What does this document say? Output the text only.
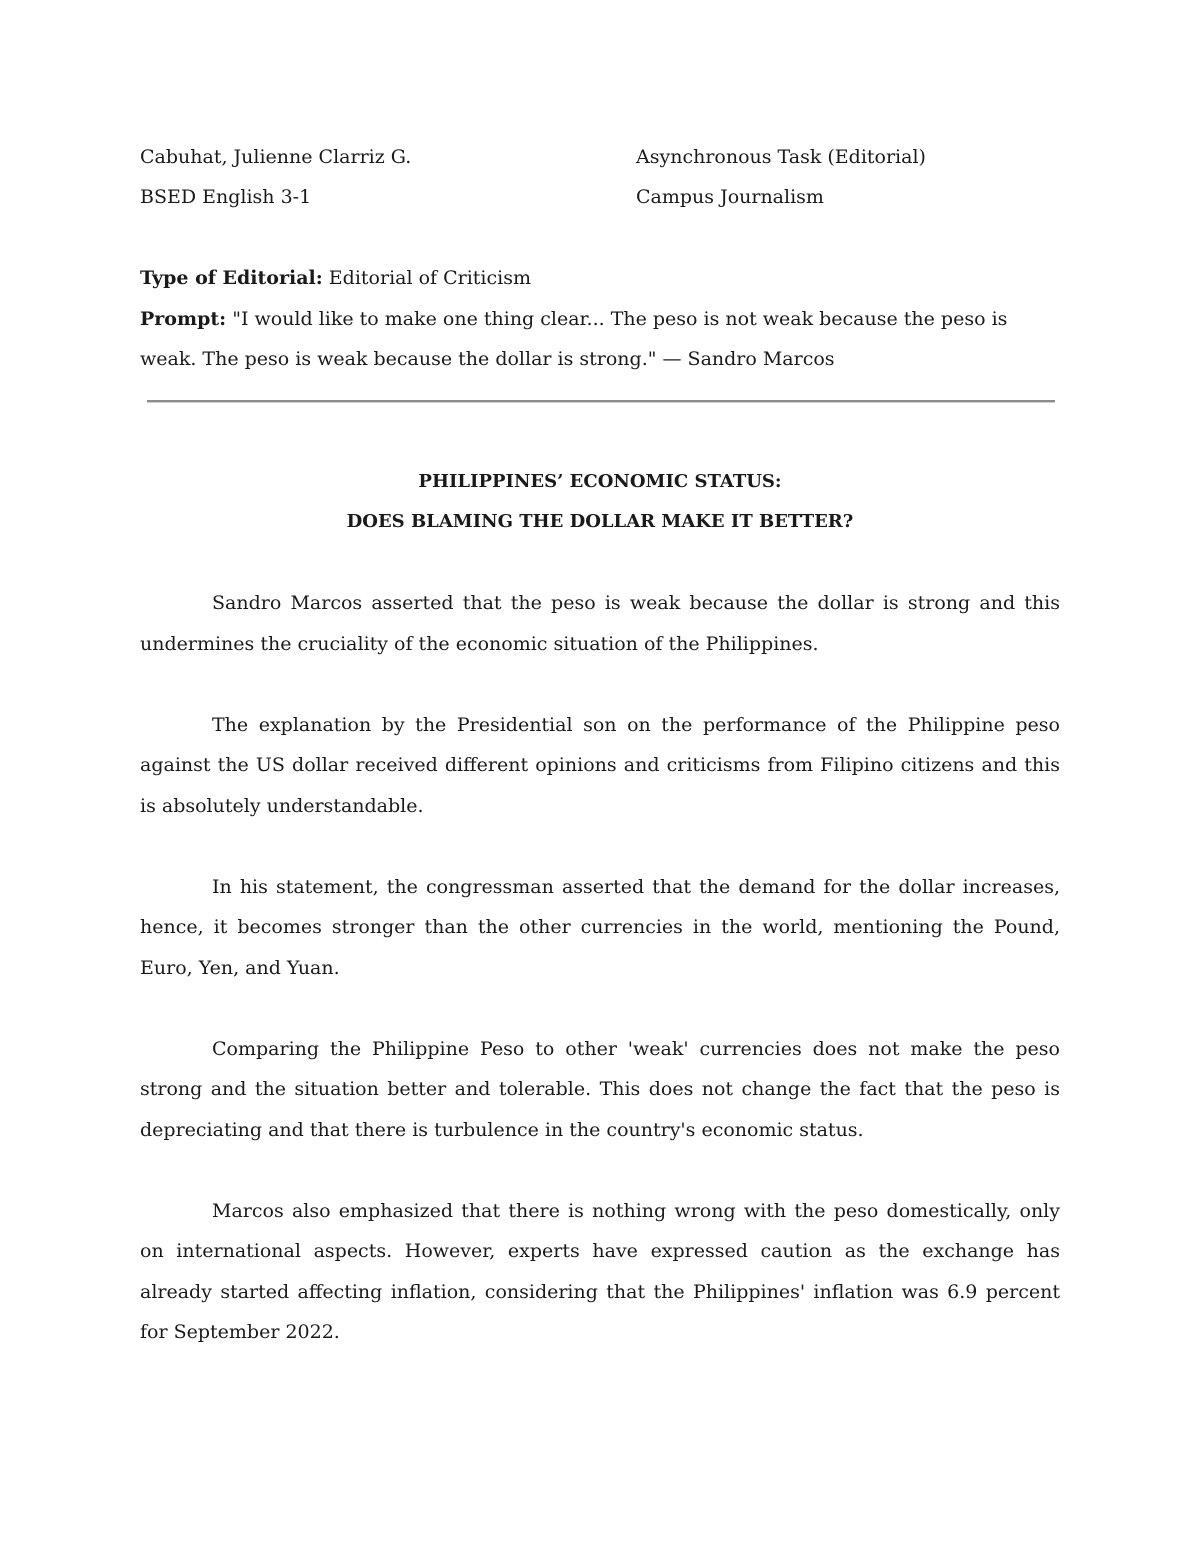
Cabuhat, Julienne Clarriz G.	Asynchronous Task (Editorial)
BSED English 3-1	Campus Journalism
Type of Editorial: Editorial of Criticism
Prompt: "I would like to make one thing clear... The peso is not weak because the peso is weak. The peso is weak because the dollar is strong." — Sandro Marcos
PHILIPPINES’ ECONOMIC STATUS:
DOES BLAMING THE DOLLAR MAKE IT BETTER?

Sandro Marcos asserted that the peso is weak because the dollar is strong and this undermines the cruciality of the economic situation of the Philippines.

The explanation by the Presidential son on the performance of the Philippine peso against the US dollar received different opinions and criticisms from Filipino citizens and this is absolutely understandable.

In his statement, the congressman asserted that the demand for the dollar increases, hence, it becomes stronger than the other currencies in the world, mentioning the Pound, Euro, Yen, and Yuan.

Comparing the Philippine Peso to other 'weak' currencies does not make the peso strong and the situation better and tolerable. This does not change the fact that the peso is depreciating and that there is turbulence in the country's economic status.

Marcos also emphasized that there is nothing wrong with the peso domestically, only on international aspects. However, experts have expressed caution as the exchange has already started affecting inflation, considering that the Philippines' inflation was 6.9 percent for September 2022.
